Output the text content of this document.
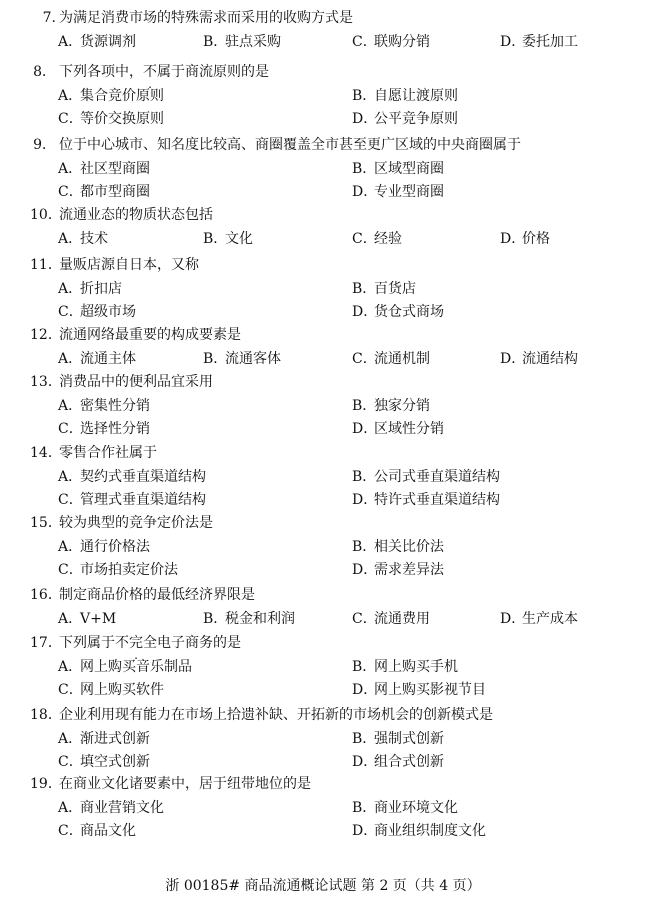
7. 为满足消费市场的特殊需求而采用的收购方式是
A．货源调剂	B．驻点采购	C．联购分销	D．委托加工
8． 下列各项中，不属于商流原则的是
A．集合竞价原则	B．自愿让渡原则
C．等价交换原则	D．公平竞争原则
9． 位于中心城市、知名度比较高、商圈覆盖全市甚至更广区域的中央商圈属于
A．社区型商圈	B．区域型商圈
C．都市型商圈	D．专业型商圈
10．流通业态的物质状态包括
A．技术	B．文化	C．经验	D．价格
11．量贩店源自日本，又称
A．折扣店	B．百货店
C．超级市场	D．货仓式商场
12．流通网络最重要的构成要素是
A．流通主体	B．流通客体	C．流通机制	D．流通结构
13．消费品中的便利品宜采用
A．密集性分销	B．独家分销
C．选择性分销	D．区域性分销
14．零售合作社属于
A．契约式垂直渠道结构	B．公司式垂直渠道结构
C．管理式垂直渠道结构	D．特许式垂直渠道结构
15．较为典型的竞争定价法是
A．通行价格法	B．相关比价法
C．市场拍卖定价法	D．需求差异法
16．制定商品价格的最低经济界限是
A．V+M	B．税金和利润	C．流通费用	D．生产成本
17．下列属于不完全电子商务的是
A．网上购买音乐制品	B．网上购买手机
C．网上购买软件	D．网上购买影视节目
18．企业利用现有能力在市场上拾遗补缺、开拓新的市场机会的创新模式是
A．渐进式创新	B．强制式创新
C．填空式创新	D．组合式创新
19．在商业文化诸要素中，居于纽带地位的是
A．商业营销文化	B．商业环境文化
C．商品文化	D．商业组织制度文化
浙 00185# 商品流通概论试题 第 2 页（共 4 页）
